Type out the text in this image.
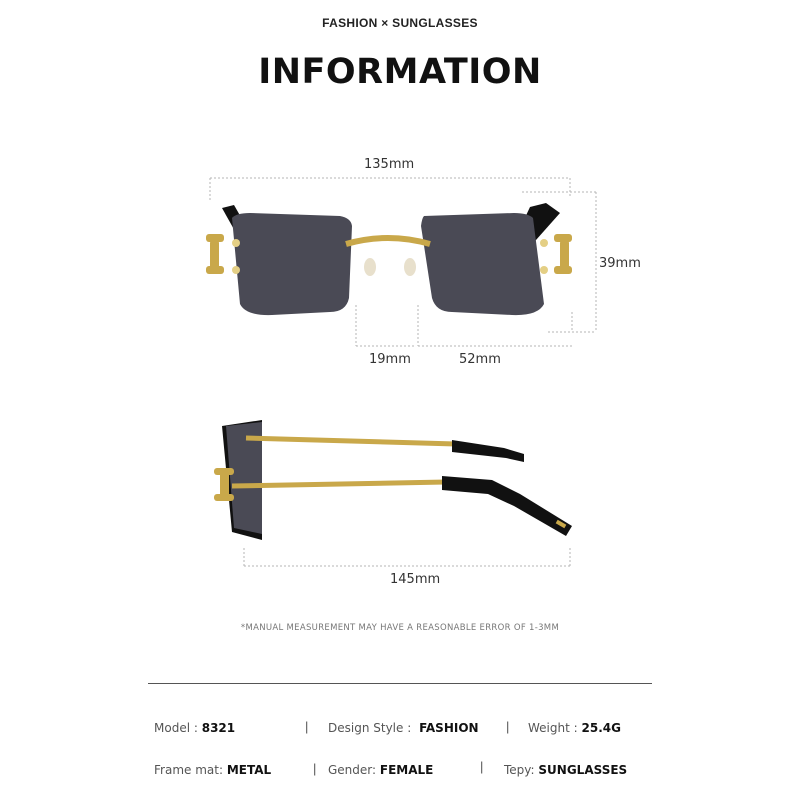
FASHION × SUNGLASSES
INFORMATION
135mm
39mm
19mm	52mm
145mm
*MANUAL MEASUREMENT MAY HAVE A REASONABLE ERROR OF 1-3MM
Model : 8321	| Design Style : FASHION | Weight : 25.4G
Frame mat: METAL	| Gender: FEMALE	| Tepy: SUNGLASSES
